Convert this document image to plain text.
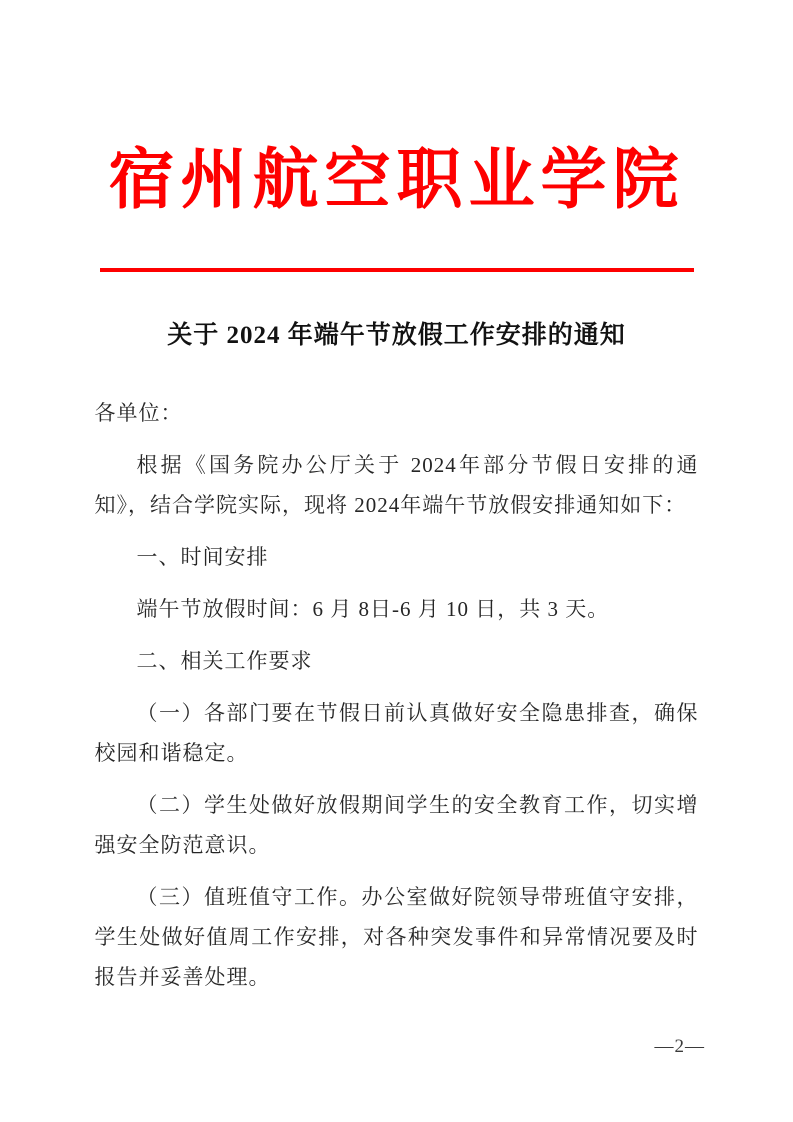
宿州航空职业学院
关于 2024 年端午节放假工作安排的通知

各单位：

根据《国务院办公厅关于 2024年部分节假日安排的通知》，结合学院实际，现将 2024年端午节放假安排通知如下：

一、时间安排

端午节放假时间：6 月 8日-6 月 10 日，共 3 天。

二、相关工作要求

（一）各部门要在节假日前认真做好安全隐患排查，确保校园和谐稳定。

（二）学生处做好放假期间学生的安全教育工作，切实增强安全防范意识。

（三）值班值守工作。办公室做好院领导带班值守安排，学生处做好值周工作安排，对各种突发事件和异常情况要及时报告并妥善处理。

—2—
